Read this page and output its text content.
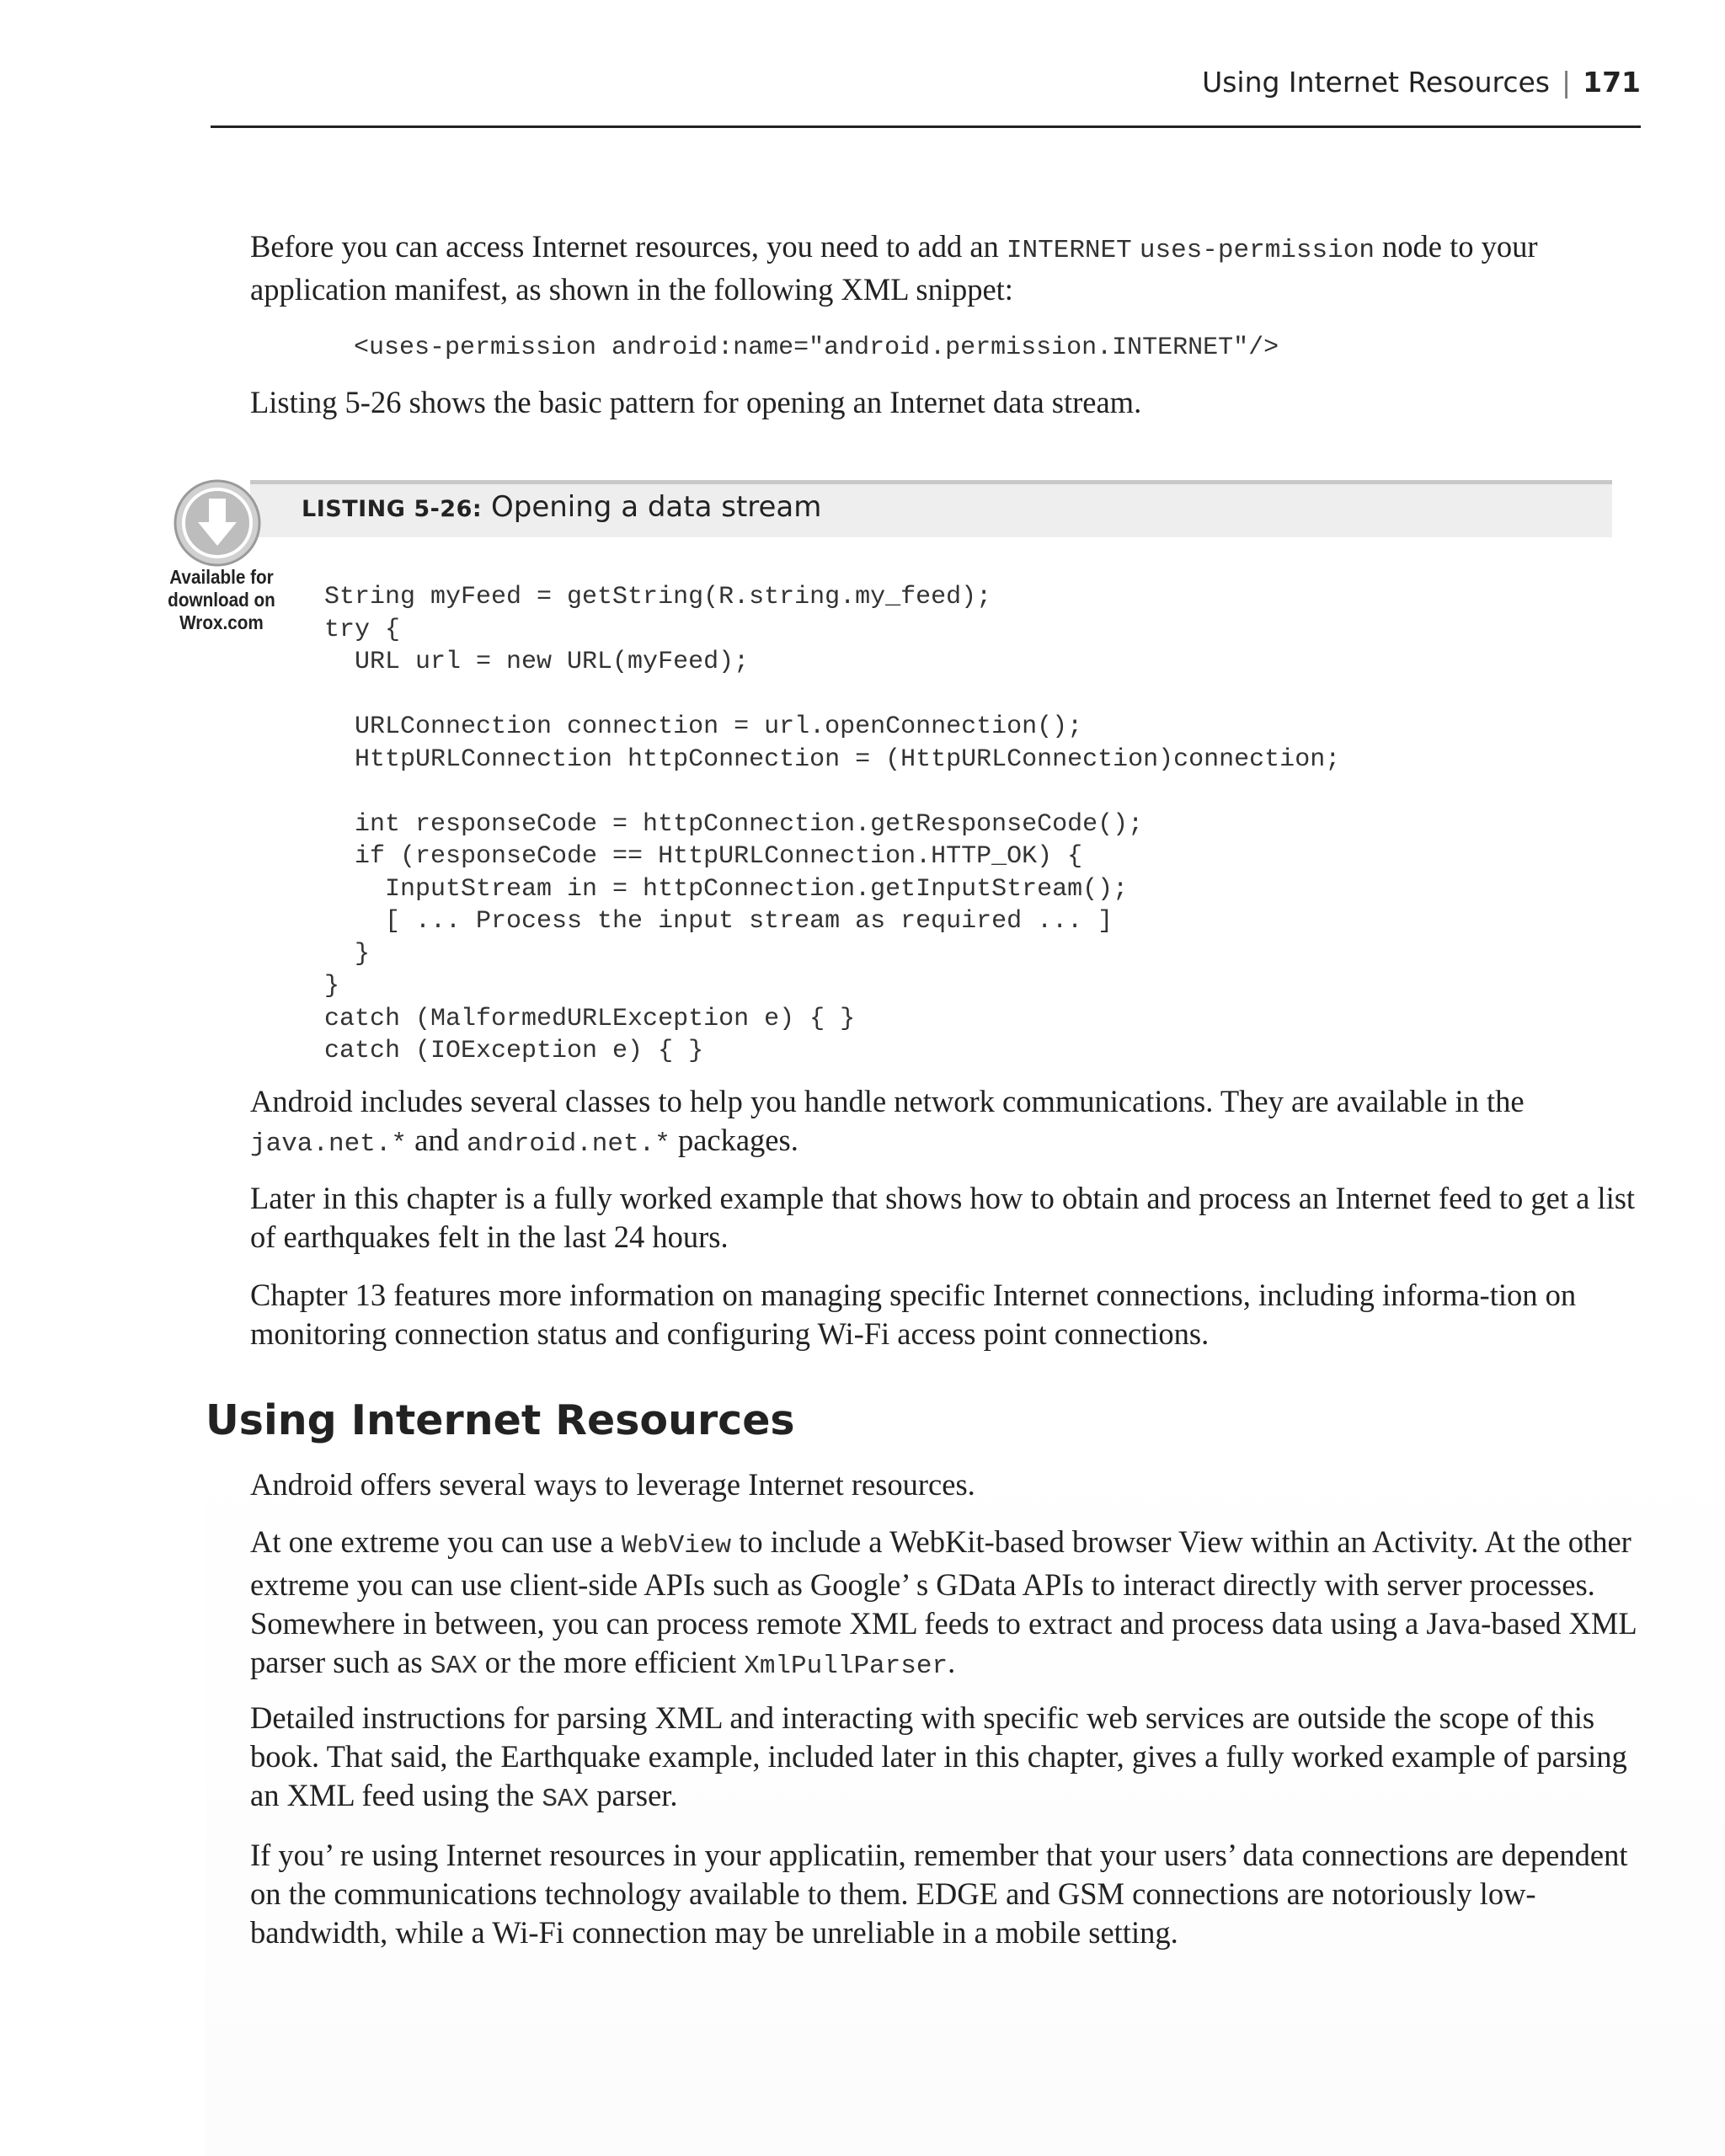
Using Internet Resources | 171

Before you can access Internet resources, you need to add an INTERNET uses-permission node to your application manifest, as shown in the following XML snippet:

<uses-permission android:name="android.permission.INTERNET"/>

Listing 5-26 shows the basic pattern for opening an Internet data stream.

LISTING 5-26: Opening a data stream
Available for download on Wrox.com
String myFeed = getString(R.string.my_feed);
try {
URL url = new URL(myFeed);

URLConnection connection = url.openConnection();
HttpURLConnection httpConnection = (HttpURLConnection)connection;

int responseCode = httpConnection.getResponseCode();
if (responseCode == HttpURLConnection.HTTP_OK) {
InputStream in = httpConnection.getInputStream();
[ ... Process the input stream as required ... ]
}
}
catch (MalformedURLException e) { }
catch (IOException e) { }

Android includes several classes to help you handle network communications. They are available in the java.net.* and android.net.* packages.

Later in this chapter is a fully worked example that shows how to obtain and process an Internet feed to get a list of earthquakes felt in the last 24 hours.

Chapter 13 features more information on managing specific Internet connections, including informa-tion on monitoring connection status and configuring Wi-Fi access point connections.

Using Internet Resources

Android offers several ways to leverage Internet resources.

At one extreme you can use a WebView to include a WebKit-based browser View within an Activity. At the other extreme you can use client-side APIs such as Google’ s GData APIs to interact directly with server processes. Somewhere in between, you can process remote XML feeds to extract and process data using a Java-based XML parser such as SAX or the more efficient XmlPullParser.

Detailed instructions for parsing XML and interacting with specific web services are outside the scope of this book. That said, the Earthquake example, included later in this chapter, gives a fully worked example of parsing an XML feed using the SAX parser.

If you’ re using Internet resources in your applicatiin, remember that your users’ data connections are dependent on the communications technology available to them. EDGE and GSM connections are notoriously low-bandwidth, while a Wi-Fi connection may be unreliable in a mobile setting.
